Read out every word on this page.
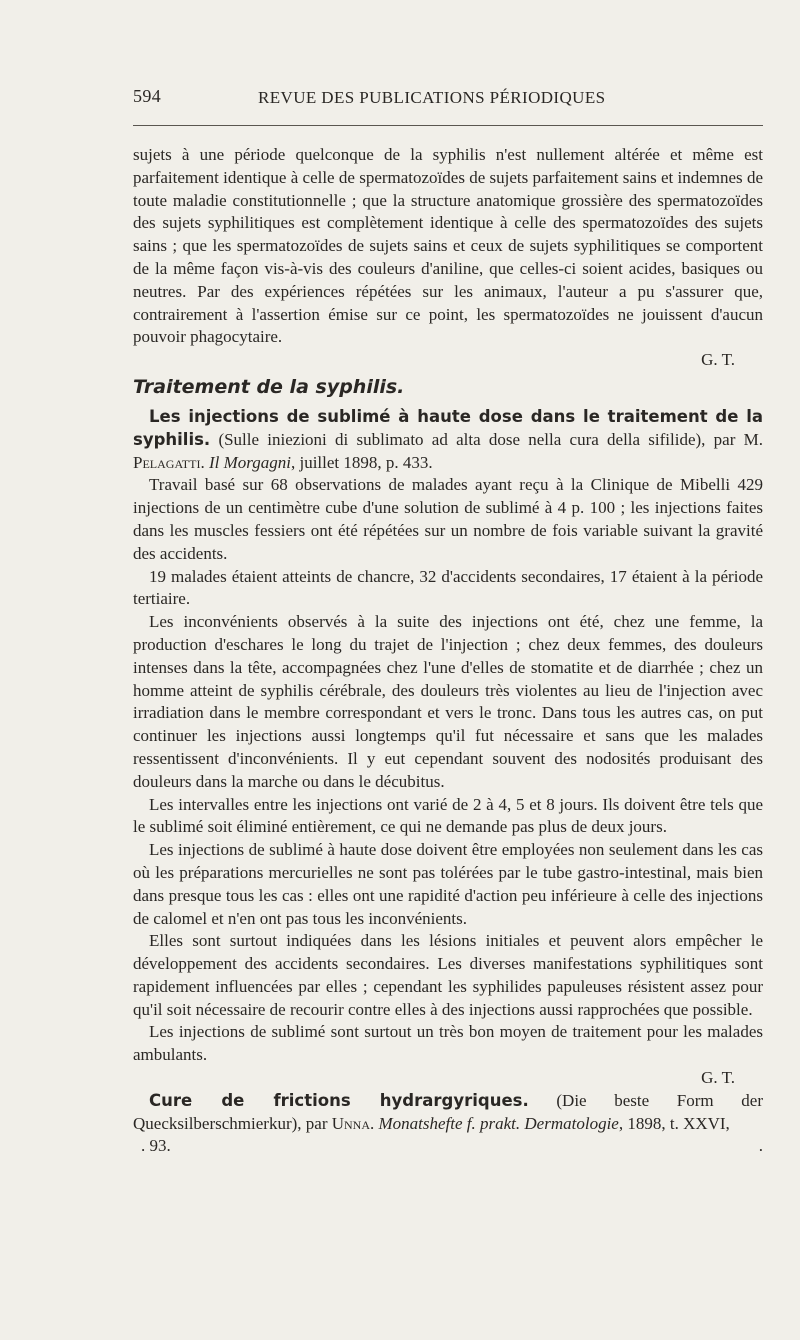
594	REVUE DES PUBLICATIONS PÉRIODIQUES

sujets à une période quelconque de la syphilis n'est nullement altérée et même est parfaitement identique à celle de spermatozoïdes de sujets parfaitement sains et indemnes de toute maladie constitutionnelle ; que la structure anatomique grossière des spermatozoïdes des sujets syphilitiques est complètement identique à celle des spermatozoïdes des sujets sains ; que les spermatozoïdes de sujets sains et ceux de sujets syphilitiques se comportent de la même façon vis-à-vis des couleurs d'aniline, que celles-ci soient acides, basiques ou neutres. Par des expériences répétées sur les animaux, l'auteur a pu s'assurer que, contrairement à l'assertion émise sur ce point, les spermatozoïdes ne jouissent d'aucun pouvoir phagocytaire.

G. T.

Traitement de la syphilis.

Les injections de sublimé à haute dose dans le traitement de la syphilis. (Sulle iniezioni di sublimato ad alta dose nella cura della sifilide), par M. Pelagatti. Il Morgagni, juillet 1898, p. 433.

Travail basé sur 68 observations de malades ayant reçu à la Clinique de Mibelli 429 injections de un centimètre cube d'une solution de sublimé à 4 p. 100 ; les injections faites dans les muscles fessiers ont été répétées sur un nombre de fois variable suivant la gravité des accidents.

19 malades étaient atteints de chancre, 32 d'accidents secondaires, 17 étaient à la période tertiaire.

Les inconvénients observés à la suite des injections ont été, chez une femme, la production d'eschares le long du trajet de l'injection ; chez deux femmes, des douleurs intenses dans la tête, accompagnées chez l'une d'elles de stomatite et de diarrhée ; chez un homme atteint de syphilis cérébrale, des douleurs très violentes au lieu de l'injection avec irradiation dans le membre correspondant et vers le tronc. Dans tous les autres cas, on put continuer les injections aussi longtemps qu'il fut nécessaire et sans que les malades ressentissent d'inconvénients. Il y eut cependant souvent des nodosités produisant des douleurs dans la marche ou dans le décubitus.

Les intervalles entre les injections ont varié de 2 à 4, 5 et 8 jours. Ils doivent être tels que le sublimé soit éliminé entièrement, ce qui ne demande pas plus de deux jours.

Les injections de sublimé à haute dose doivent être employées non seulement dans les cas où les préparations mercurielles ne sont pas tolérées par le tube gastro-intestinal, mais bien dans presque tous les cas : elles ont une rapidité d'action peu inférieure à celle des injections de calomel et n'en ont pas tous les inconvénients.

Elles sont surtout indiquées dans les lésions initiales et peuvent alors empêcher le développement des accidents secondaires. Les diverses manifestations syphilitiques sont rapidement influencées par elles ; cependant les syphilides papuleuses résistent assez pour qu'il soit nécessaire de recourir contre elles à des injections aussi rapprochées que possible.

Les injections de sublimé sont surtout un très bon moyen de traitement pour les malades ambulants.

G. T.

Cure de frictions hydrargyriques. (Die beste Form der Quecksilberschmierkur), par Unna. Monatshefte f. prakt. Dermatologie, 1898, t. XXVI,

. 93.	.
